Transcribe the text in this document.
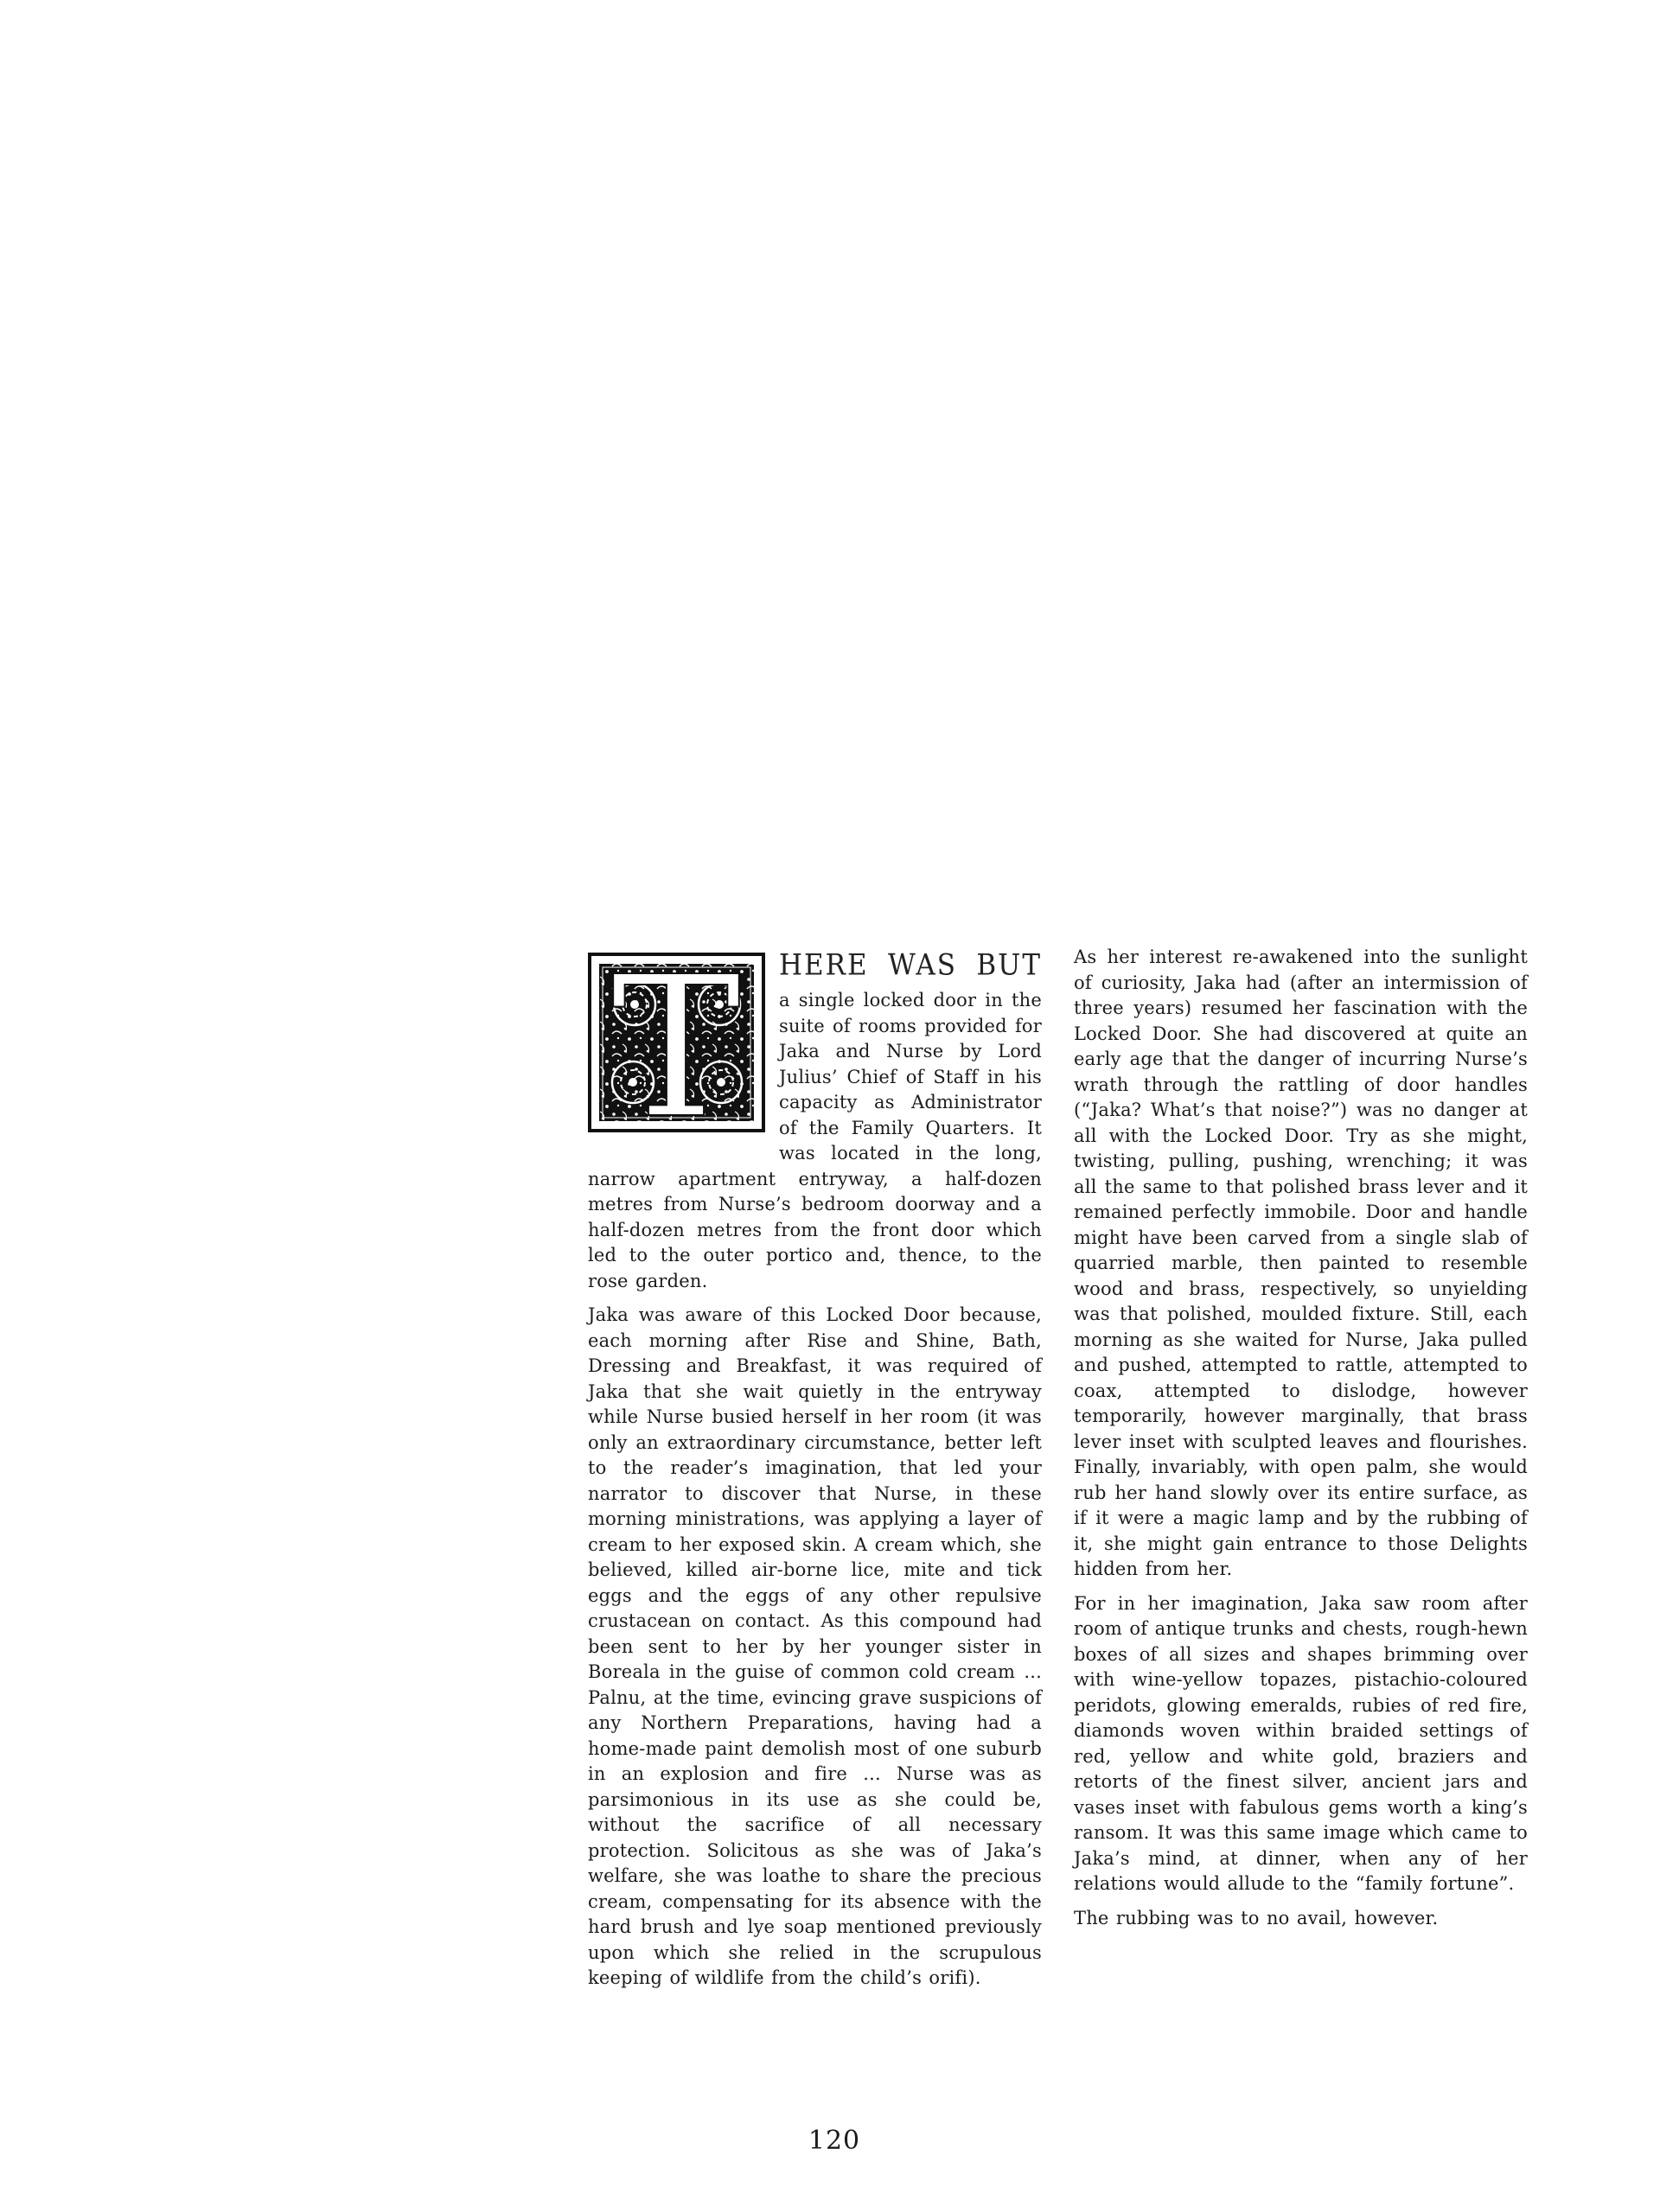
T HERE WAS BUT

a single locked door in the suite of rooms provided for Jaka and Nurse by Lord Julius’ Chief of Staff in his capacity as Administrator of the Family Quarters. It was located in the long, narrow apartment entryway, a half-dozen metres from Nurse’s bedroom doorway and a half-dozen metres from the front door which led to the outer portico and, thence, to the rose garden.

Jaka was aware of this Locked Door because, each morning after Rise and Shine, Bath, Dressing and Breakfast, it was required of Jaka that she wait quietly in the entryway while Nurse busied herself in her room (it was only an extraordinary circumstance, better left to the reader’s imagination, that led your narrator to discover that Nurse, in these morning ministrations, was applying a layer of cream to her exposed skin. A cream which, she believed, killed air-borne lice, mite and tick eggs and the eggs of any other repulsive crustacean on contact. As this compound had been sent to her by her younger sister in Boreala in the guise of common cold cream ... Palnu, at the time, evincing grave suspicions of any Northern Preparations, having had a home-made paint demolish most of one suburb in an explosion and fire ... Nurse was as parsimonious in its use as she could be, without the sacrifice of all necessary protection. Solicitous as she was of Jaka’s welfare, she was loathe to share the precious cream, compensating for its absence with the hard brush and lye soap mentioned previously upon which she relied in the scrupulous keeping of wildlife from the child’s orifi).

As her interest re-awakened into the sunlight of curiosity, Jaka had (after an intermission of three years) resumed her fascination with the Locked Door. She had discovered at quite an early age that the danger of incurring Nurse’s wrath through the rattling of door handles (“Jaka? What’s that noise?”) was no danger at all with the Locked Door. Try as she might, twisting, pulling, pushing, wrenching; it was all the same to that polished brass lever and it remained perfectly immobile. Door and handle might have been carved from a single slab of quarried marble, then painted to resemble wood and brass, respectively, so unyielding was that polished, moulded fixture. Still, each morning as she waited for Nurse, Jaka pulled and pushed, attempted to rattle, attempted to coax, attempted to dislodge, however temporarily, however marginally, that brass lever inset with sculpted leaves and flourishes. Finally, invariably, with open palm, she would rub her hand slowly over its entire surface, as if it were a magic lamp and by the rubbing of it, she might gain entrance to those Delights hidden from her.

For in her imagination, Jaka saw room after room of antique trunks and chests, rough-hewn boxes of all sizes and shapes brimming over with wine-yellow topazes, pistachio-coloured peridots, glowing emeralds, rubies of red fire, diamonds woven within braided settings of red, yellow and white gold, braziers and retorts of the finest silver, ancient jars and vases inset with fabulous gems worth a king’s ransom. It was this same image which came to Jaka’s mind, at dinner, when any of her relations would allude to the “family fortune”.

The rubbing was to no avail, however.

120
